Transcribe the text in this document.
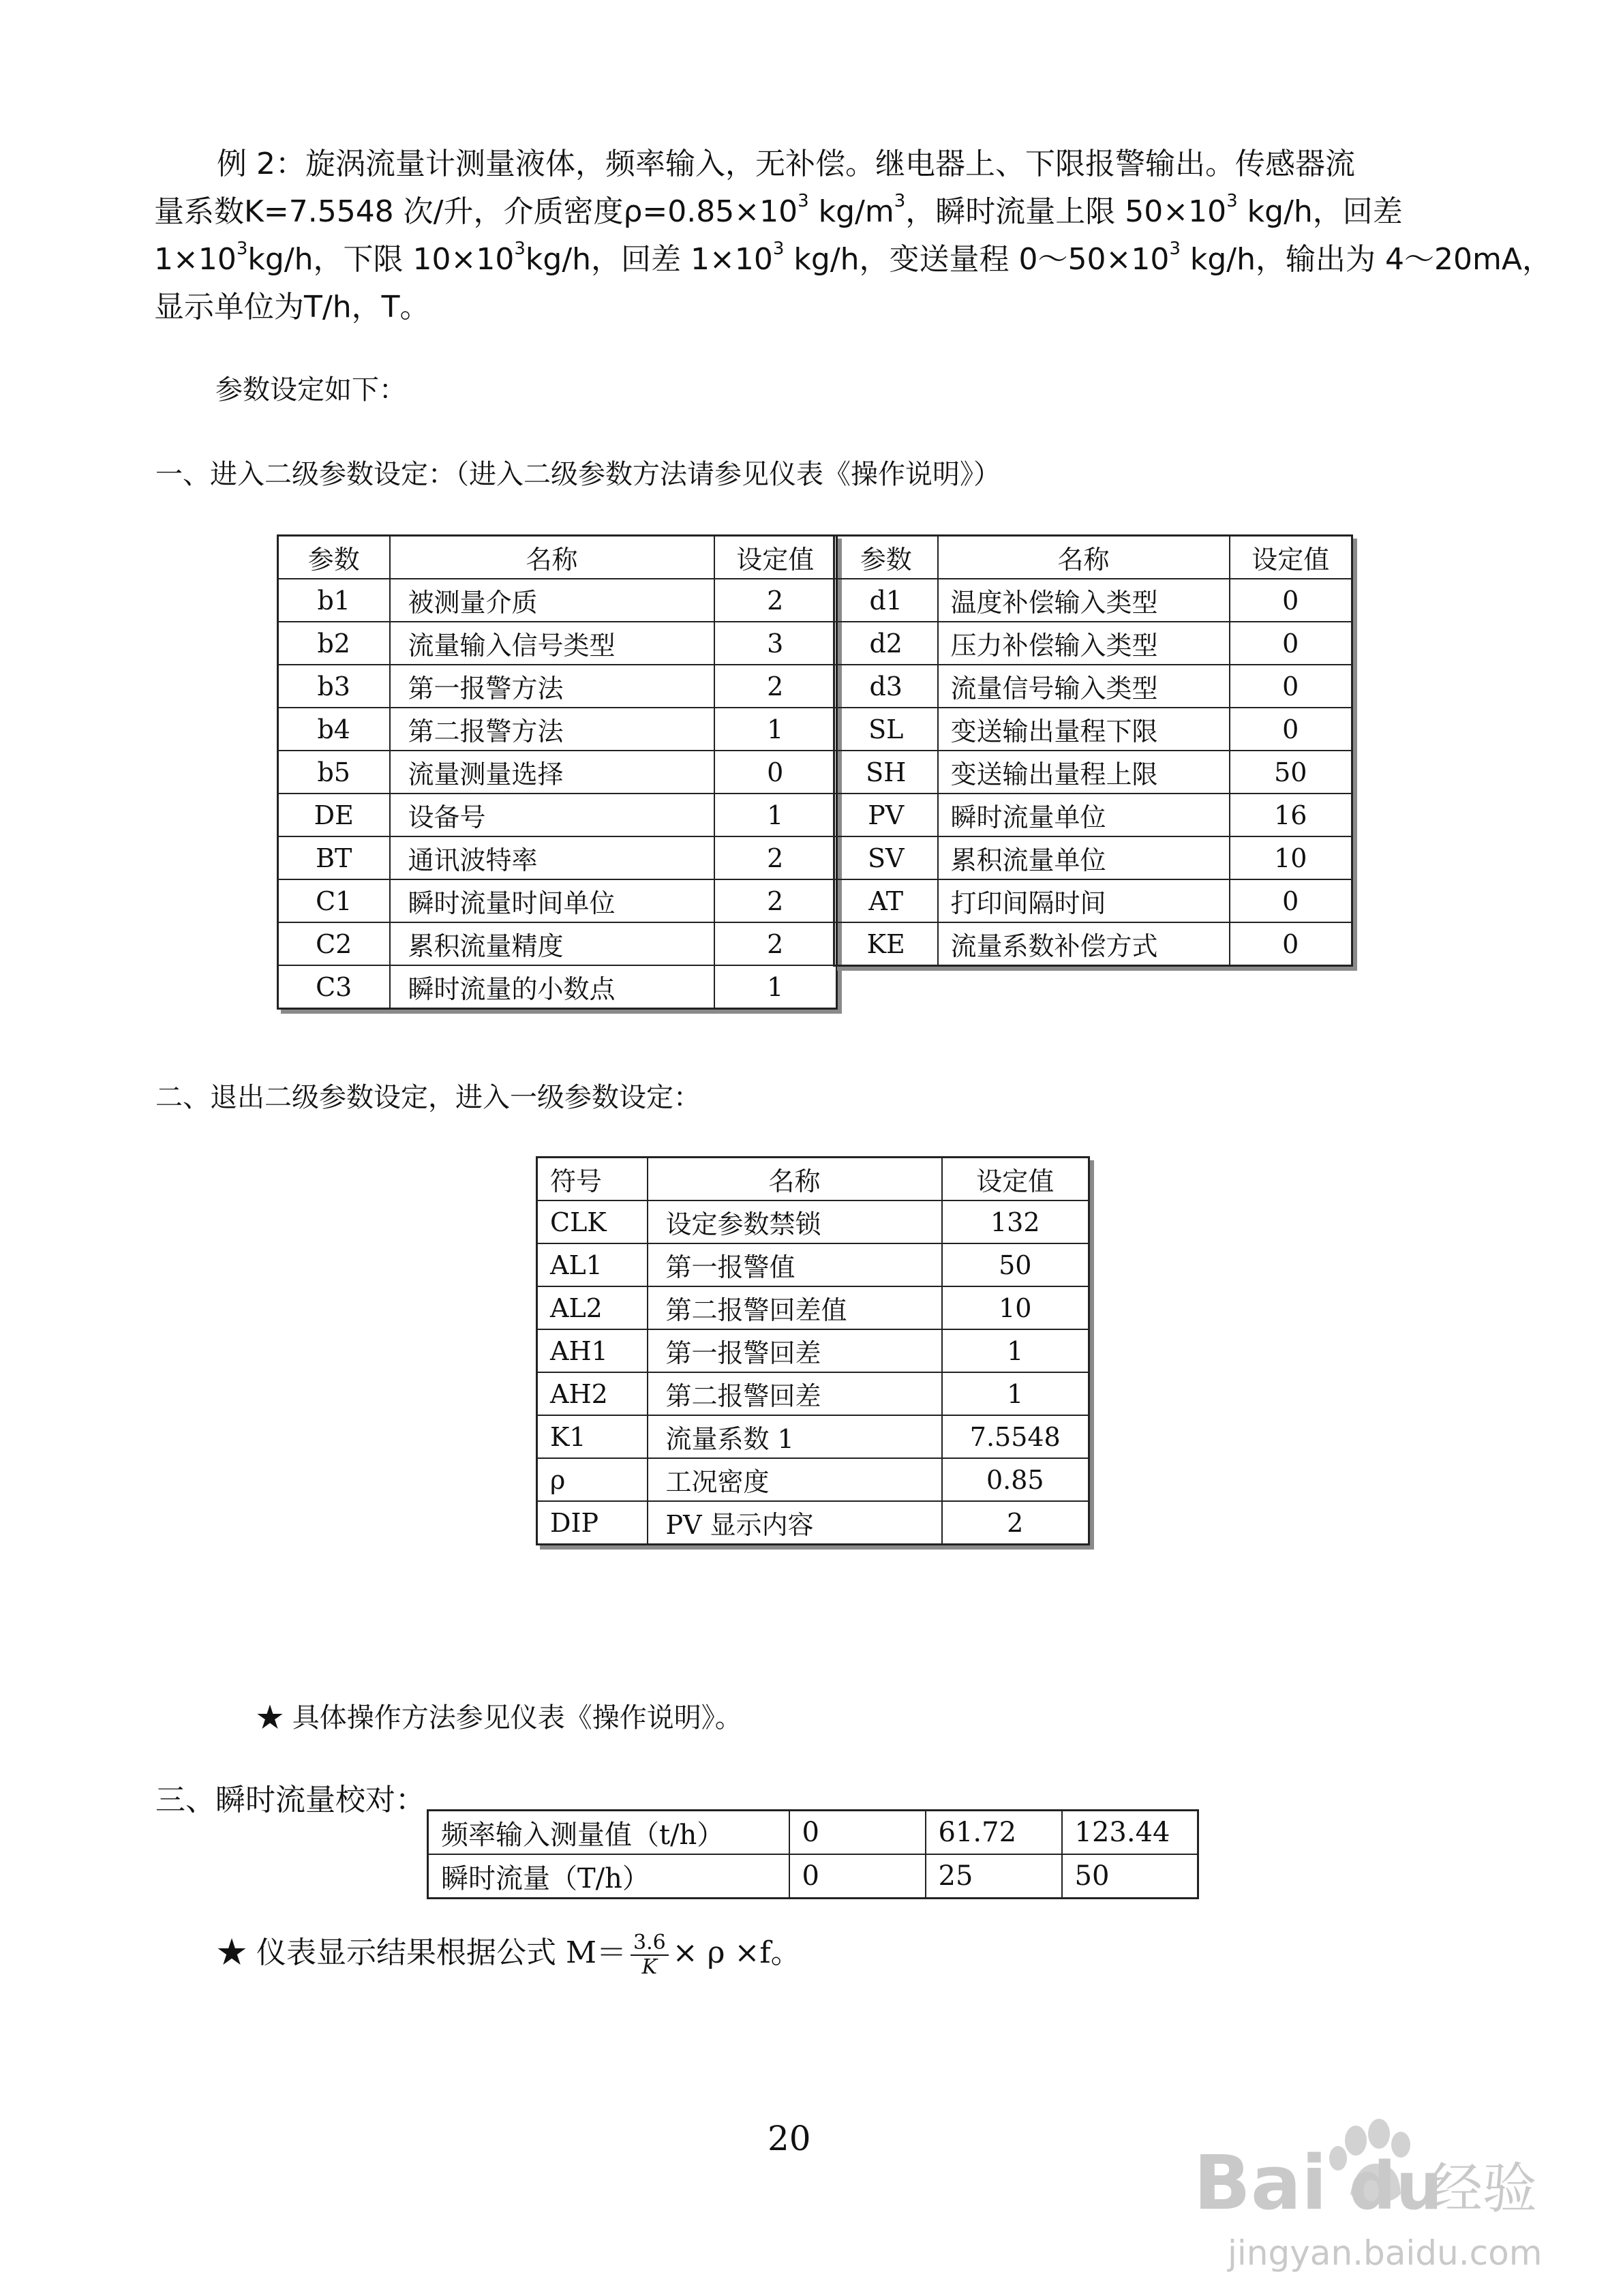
例 2：旋涡流量计测量液体，频率输入，无补偿。继电器上、下限报警输出。传感器流
量系数K=7.5548 次/升，介质密度$\rho=0.85\times 10^3$ $kg/m^3$，瞬时流量上限 $50\times 10^3$ kg/h，回差
$1\times 10^3kg/h$，下限 $10\times 10^3kg/h$，回差 $1\times 10^3$ kg/h，变送量程 $0\sim 50\times 10^3$ kg/h，输出为 4～20mA，
显示单位为T/h，T。
参数设定如下：
一、进入二级参数设定：（进入二级参数方法请参见仪表《操作说明》）
参数	名称	设定值
b1	被测量介质	2
b2	流量输入信号类型	3
b3	第一报警方法	2
b4	第二报警方法	1
b5	流量测量选择	0
DE	设备号	1
BT	通讯波特率	2
C1	瞬时流量时间单位	2
C2	累积流量精度	2
C3	瞬时流量的小数点	1
参数	名称	设定值
d1	温度补偿输入类型	0
d2	压力补偿输入类型	0
d3	流量信号输入类型	0
SL	变送输出量程下限	0
SH	变送输出量程上限	50
PV	瞬时流量单位	16
SV	累积流量单位	10
AT	打印间隔时间	0
KE	流量系数补偿方式	0
二、退出二级参数设定，进入一级参数设定：
符号	名称	设定值
CLK	设定参数禁锁	132
AL1	第一报警值	50
AL2	第二报警回差值	10
AH1	第一报警回差	1
AH2	第二报警回差	1
K1	流量系数 1	7.5548
ρ	工况密度	0.85
DIP	PV 显示内容	2
★ 具体操作方法参见仪表《操作说明》。
三、瞬时流量校对：
频率输入测量值（t/h）	0	61.72	123.44
瞬时流量（T/h）	0	25	50
★ 仪表显示结果根据公式 $M= \frac{3.6}{K} \times \rho \times f$。
20
Bai du
经验
jingyan.baidu.com
